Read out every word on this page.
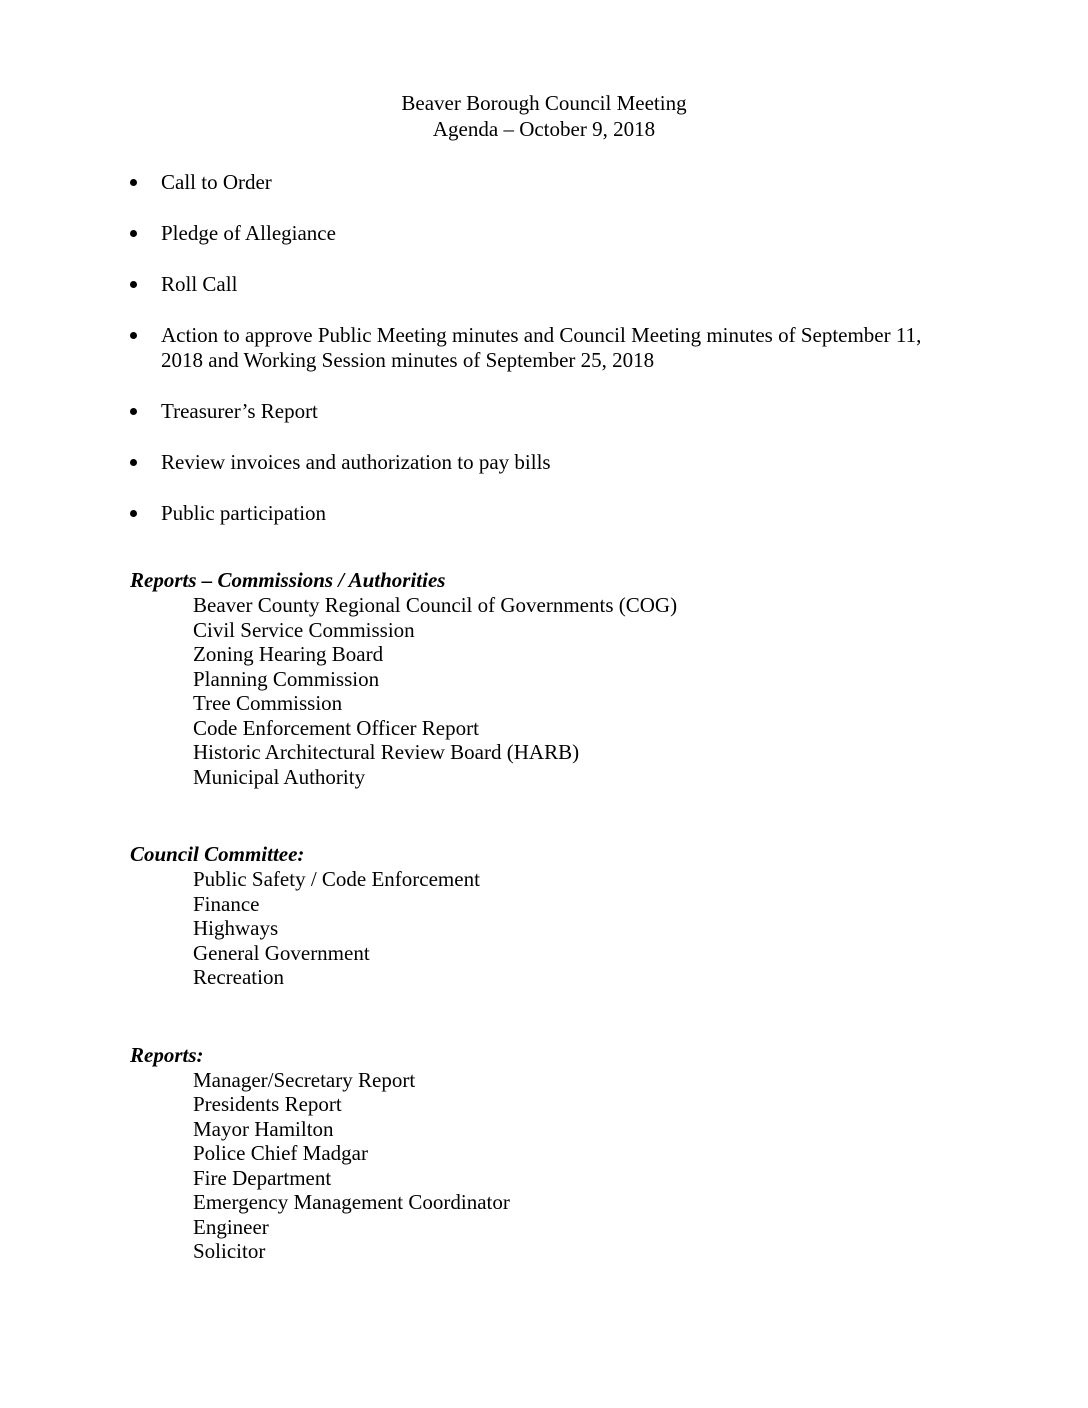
Beaver Borough Council Meeting
Agenda – October 9, 2018
Call to Order
Pledge of Allegiance
Roll Call
Action to approve Public Meeting minutes and Council Meeting minutes of September 11, 2018 and Working Session minutes of September 25, 2018
Treasurer’s Report
Review invoices and authorization to pay bills
Public participation
Reports – Commissions / Authorities
Beaver County Regional Council of Governments (COG)
Civil Service Commission
Zoning Hearing Board
Planning Commission
Tree Commission
Code Enforcement Officer Report
Historic Architectural Review Board (HARB)
Municipal Authority
Council Committee:
Public Safety / Code Enforcement
Finance
Highways
General Government
Recreation
Reports:
Manager/Secretary Report
Presidents Report
Mayor Hamilton
Police Chief Madgar
Fire Department
Emergency Management Coordinator
Engineer
Solicitor
